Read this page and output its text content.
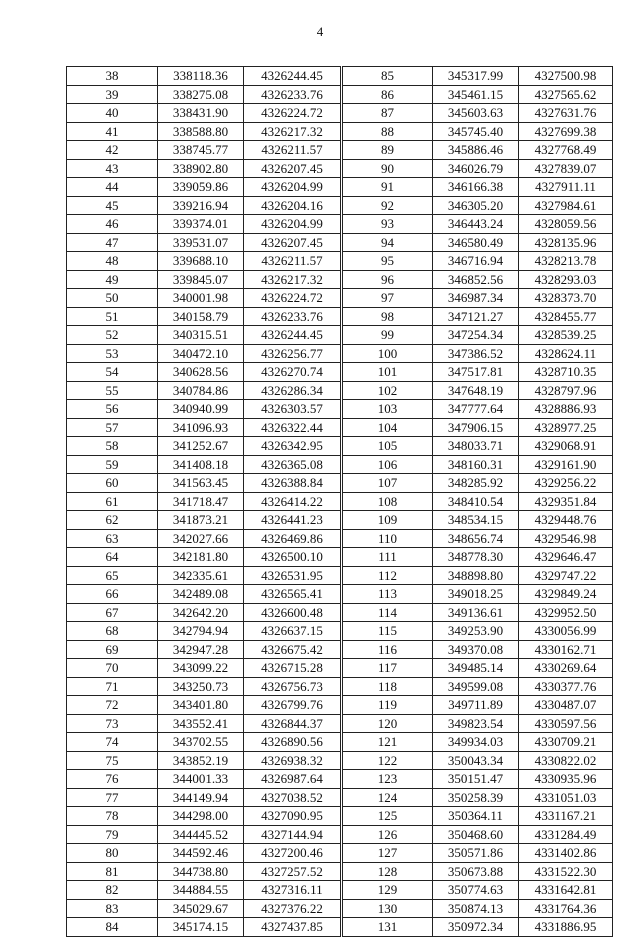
4
38	338118.36	4326244.45
39	338275.08	4326233.76
40	338431.90	4326224.72
41	338588.80	4326217.32
42	338745.77	4326211.57
43	338902.80	4326207.45
44	339059.86	4326204.99
45	339216.94	4326204.16
46	339374.01	4326204.99
47	339531.07	4326207.45
48	339688.10	4326211.57
49	339845.07	4326217.32
50	340001.98	4326224.72
51	340158.79	4326233.76
52	340315.51	4326244.45
53	340472.10	4326256.77
54	340628.56	4326270.74
55	340784.86	4326286.34
56	340940.99	4326303.57
57	341096.93	4326322.44
58	341252.67	4326342.95
59	341408.18	4326365.08
60	341563.45	4326388.84
61	341718.47	4326414.22
62	341873.21	4326441.23
63	342027.66	4326469.86
64	342181.80	4326500.10
65	342335.61	4326531.95
66	342489.08	4326565.41
67	342642.20	4326600.48
68	342794.94	4326637.15
69	342947.28	4326675.42
70	343099.22	4326715.28
71	343250.73	4326756.73
72	343401.80	4326799.76
73	343552.41	4326844.37
74	343702.55	4326890.56
75	343852.19	4326938.32
76	344001.33	4326987.64
77	344149.94	4327038.52
78	344298.00	4327090.95
79	344445.52	4327144.94
80	344592.46	4327200.46
81	344738.80	4327257.52
82	344884.55	4327316.11
83	345029.67	4327376.22
84	345174.15	4327437.85
85	345317.99	4327500.98
86	345461.15	4327565.62
87	345603.63	4327631.76
88	345745.40	4327699.38
89	345886.46	4327768.49
90	346026.79	4327839.07
91	346166.38	4327911.11
92	346305.20	4327984.61
93	346443.24	4328059.56
94	346580.49	4328135.96
95	346716.94	4328213.78
96	346852.56	4328293.03
97	346987.34	4328373.70
98	347121.27	4328455.77
99	347254.34	4328539.25
100	347386.52	4328624.11
101	347517.81	4328710.35
102	347648.19	4328797.96
103	347777.64	4328886.93
104	347906.15	4328977.25
105	348033.71	4329068.91
106	348160.31	4329161.90
107	348285.92	4329256.22
108	348410.54	4329351.84
109	348534.15	4329448.76
110	348656.74	4329546.98
111	348778.30	4329646.47
112	348898.80	4329747.22
113	349018.25	4329849.24
114	349136.61	4329952.50
115	349253.90	4330056.99
116	349370.08	4330162.71
117	349485.14	4330269.64
118	349599.08	4330377.76
119	349711.89	4330487.07
120	349823.54	4330597.56
121	349934.03	4330709.21
122	350043.34	4330822.02
123	350151.47	4330935.96
124	350258.39	4331051.03
125	350364.11	4331167.21
126	350468.60	4331284.49
127	350571.86	4331402.86
128	350673.88	4331522.30
129	350774.63	4331642.81
130	350874.13	4331764.36
131	350972.34	4331886.95
